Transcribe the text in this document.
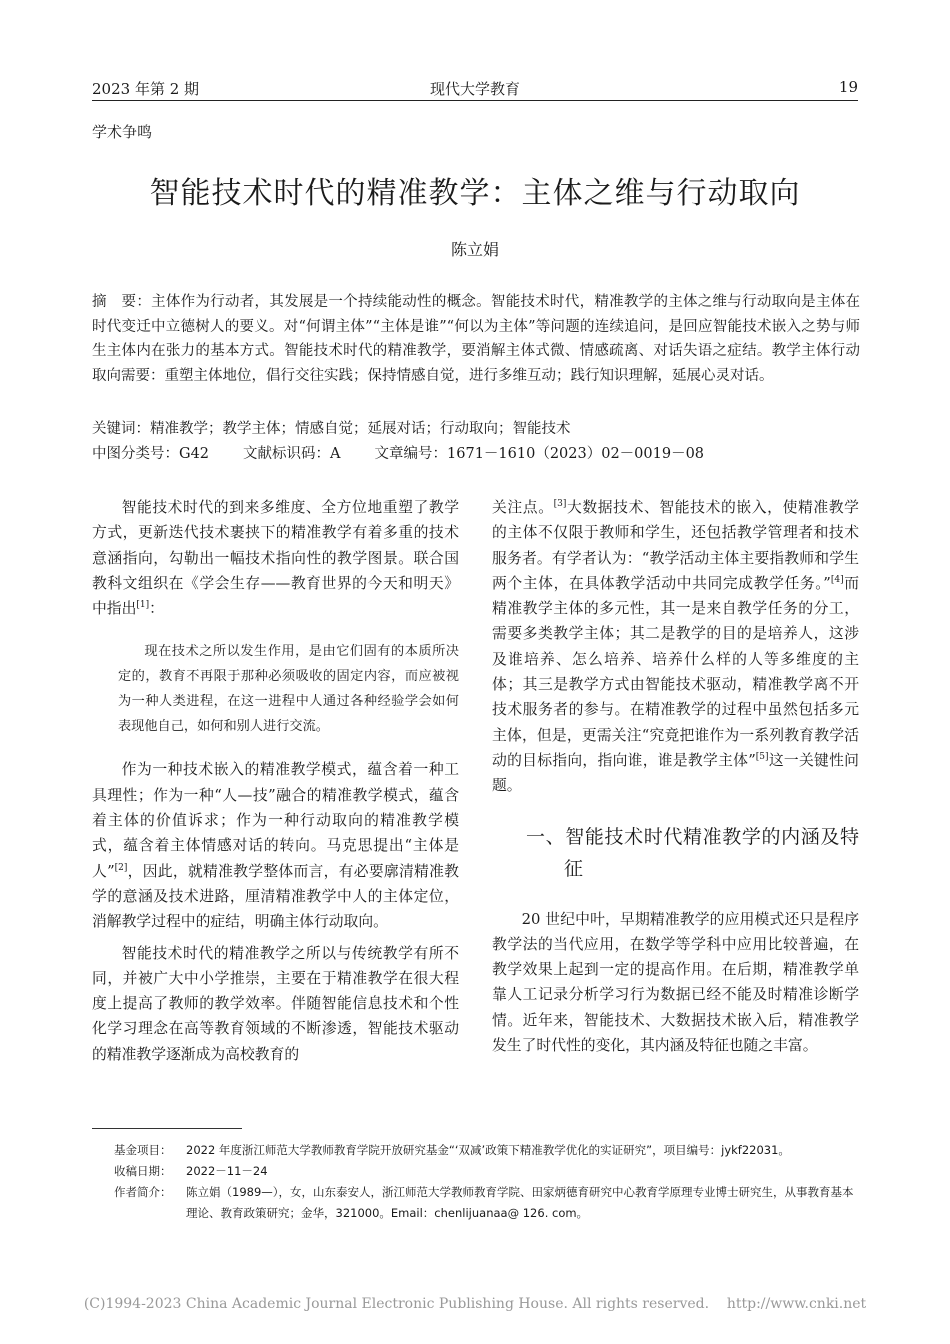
2023 年第 2 期	现代大学教育	19
学术争鸣
智能技术时代的精准教学：主体之维与行动取向
陈立娟
摘　要：主体作为行动者，其发展是一个持续能动性的概念。智能技术时代，精准教学的主体之维与行动取向是主体在时代变迁中立德树人的要义。对“何谓主体”“主体是谁”“何以为主体”等问题的连续追问，是回应智能技术嵌入之势与师生主体内在张力的基本方式。智能技术时代的精准教学，要消解主体式微、情感疏离、对话失语之症结。教学主体行动取向需要：重塑主体地位，倡行交往实践；保持情感自觉，进行多维互动；践行知识理解，延展心灵对话。
关键词：精准教学；教学主体；情感自觉；延展对话；行动取向；智能技术
中图分类号：G42 文献标识码：A 文章编号：1671－1610（2023）02－0019－08

智能技术时代的到来多维度、全方位地重塑了教学方式，更新迭代技术裹挟下的精准教学有着多重的技术意涵指向，勾勒出一幅技术指向性的教学图景。联合国教科文组织在《学会生存——教育世界的今天和明天》中指出[1]：

现在技术之所以发生作用，是由它们固有的本质所决定的，教育不再限于那种必须吸收的固定内容，而应被视为一种人类进程，在这一进程中人通过各种经验学会如何表现他自己，如何和别人进行交流。

作为一种技术嵌入的精准教学模式，蕴含着一种工具理性；作为一种“人—技”融合的精准教学模式，蕴含着主体的价值诉求；作为一种行动取向的精准教学模式，蕴含着主体情感对话的转向。马克思提出“主体是人”[2]，因此，就精准教学整体而言，有必要廓清精准教学的意涵及技术进路，厘清精准教学中人的主体定位，消解教学过程中的症结，明确主体行动取向。

智能技术时代的精准教学之所以与传统教学有所不同，并被广大中小学推崇，主要在于精准教学在很大程度上提高了教师的教学效率。伴随智能信息技术和个性化学习理念在高等教育领域的不断渗透，智能技术驱动的精准教学逐渐成为高校教育的

关注点。[3]大数据技术、智能技术的嵌入，使精准教学的主体不仅限于教师和学生，还包括教学管理者和技术服务者。有学者认为：“教学活动主体主要指教师和学生两个主体，在具体教学活动中共同完成教学任务。”[4]而精准教学主体的多元性，其一是来自教学任务的分工，需要多类教学主体；其二是教学的目的是培养人，这涉及谁培养、怎么培养、培养什么样的人等多维度的主体；其三是教学方式由智能技术驱动，精准教学离不开技术服务者的参与。在精准教学的过程中虽然包括多元主体，但是，更需关注“究竟把谁作为一系列教育教学活动的目标指向，指向谁，谁是教学主体”[5]这一关键性问题。

一、智能技术时代精准教学的内涵及特征

20 世纪中叶，早期精准教学的应用模式还只是程序教学法的当代应用，在数学等学科中应用比较普遍，在教学效果上起到一定的提高作用。在后期，精准教学单靠人工记录分析学习行为数据已经不能及时精准诊断学情。近年来，智能技术、大数据技术嵌入后，精准教学发生了时代性的变化，其内涵及特征也随之丰富。

基金项目： 2022 年度浙江师范大学教师教育学院开放研究基金“‘双减’政策下精准教学优化的实证研究”，项目编号：jykf22031。
收稿日期： 2022－11－24
作者简介： 陈立娟（1989—），女，山东泰安人，浙江师范大学教师教育学院、田家炳德育研究中心教育学原理专业博士研究生，从事教育基本理论、教育政策研究；金华，321000。Email：chenlijuanaa@ 126. com。
(C)1994-2023 China Academic Journal Electronic Publishing House. All rights reserved.    http://www.cnki.net
